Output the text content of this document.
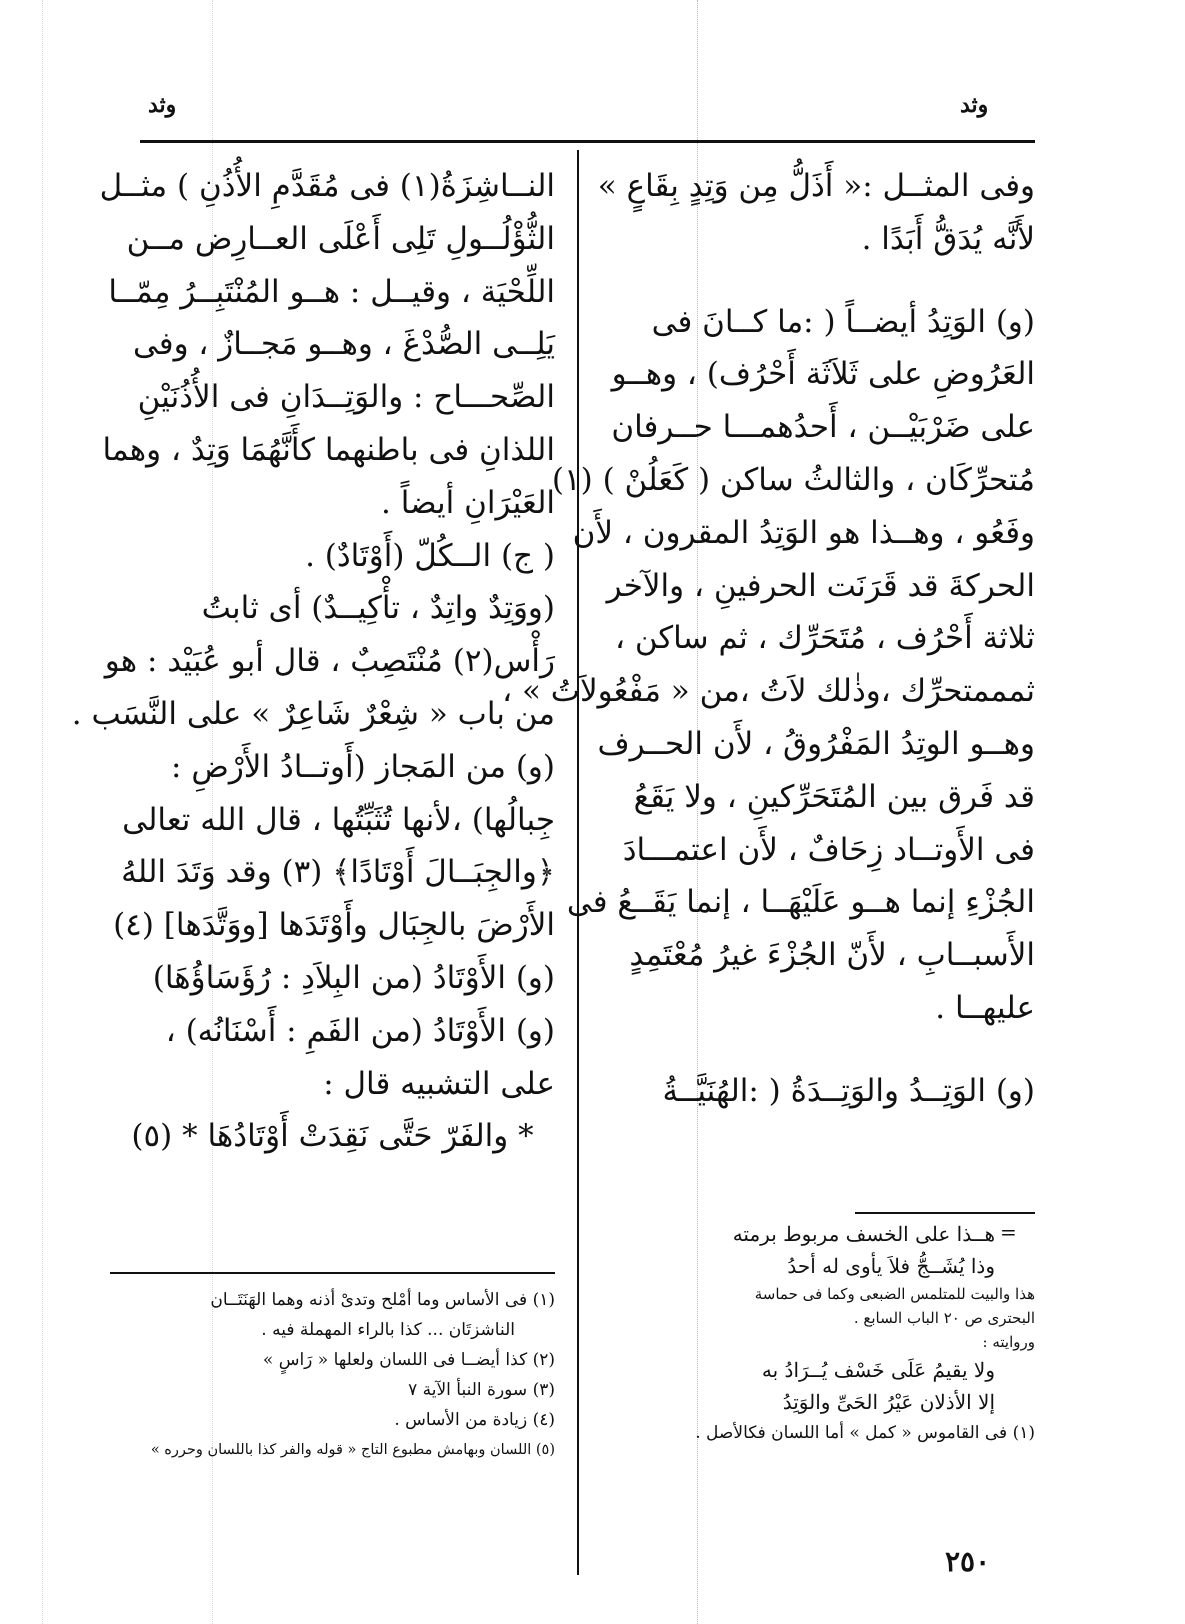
وثد
وثد
وفى المثــل :« أَذَلُّ مِن وَتِدٍ بِقَاعٍ »
لأَنَّه يُدَقُّ أَبَدًا .
(و) الوَتِدُ أيضــاً ( :ما كــانَ فى
العَرُوضِ على ثَلاَثَة أَحْرُف) ، وهــو
على ضَرْبَيْــن ، أَحدُهمـــا حــرفان
مُتحرِّكَان ، والثالثُ ساكن ( كَعَلُنْ ) (١)
وفَعُو ، وهــذا هو الوَتِدُ المقرون ، لأَن
الحركةَ قد قَرَنَت الحرفينِ ، والآخر
ثلاثة أَحْرُف ، مُتَحَرِّك ، ثم ساكن ،
ثمممتحرِّك ،وذٰلك لاَتُ ،من « مَفْعُولاَتُ » ،
وهــو الوتِدُ المَفْرُوقُ ، لأَن الحــرف
قد فَرق بين المُتَحَرِّكينِ ، ولا يَقَعُ
فى الأَوتــاد زِحَافٌ ، لأَن اعتمـــادَ
الجُزْءِ إنما هــو عَلَيْهَــا ، إنما يَقَــعُ فى
الأَسبــابِ ، لأَنّ الجُزْءَ غيرُ مُعْتَمِدٍ
عليهــا .
(و) الوَتِــدُ والوَتِــدَةُ ( :الهُنَيَّــةُ
النــاشِزَةُ(١) فى مُقَدَّمِ الأُذُنِ ) مثــل
الثُّؤْلُــولِ تَلِى أَعْلَى العــارِض مــن
اللِّحْيَة ، وقيــل : هــو المُنْتَبِــرُ مِمّــا
يَلِــى الصُّدْغَ ، وهــو مَجــازٌ ، وفى
الصِّحـــاح : والوَتِــدَانِ فى الأُذُنَيْنِ
اللذانِ فى باطنهما كأَنَّهُمَا وَتِدٌ ، وهما
العَيْرَانِ أيضاً .
( ج) الــكُلّ (أَوْتَادٌ) .
(ووَتِدٌ واتِدٌ ، تأْكِيــدٌ) أى ثابتُ
رَأْس(٢) مُنْتَصِبٌ ، قال أبو عُبَيْد : هو
من باب « شِعْرٌ شَاعِرٌ » على النَّسَب .
(و) من المَجاز (أَوتــادُ الأَرْضِ :
جِبالُها) ،لأنها تُثَبِّتُها ، قال الله تعالى
﴿والجِبَــالَ أَوْتَادًا﴾ (٣) وقد وَتَدَ اللهُ
الأَرْضَ بالجِبَال وأَوْتَدَها [ووَتَّدَها] (٤)
(و) الأَوْتَادُ (من البِلاَدِ : رُؤَسَاؤُهَا)
(و) الأَوْتَادُ (من الفَمِ : أَسْنَانُه) ،
على التشبيه قال :
* والفَرّ حَتَّى نَقِدَتْ أَوْتَادُهَا * (٥)
(١) فى الأساس وما أمْلح وتدىْ أذنه وهما الهَنَتَــان
الناشزتَان ... كذا بالراء المهملة فيه .
(٢) كذا أيضــا فى اللسان ولعلها « رَاسٍ »
(٣) سورة النبأ الآية ٧
(٤) زيادة من الأساس .
(٥) اللسان وبهامش مطبوع التاج « قوله والفر كذا باللسان وحرره »
=
هــذا على الخسف مربوط برمته
وذا يُشَــجُّ فلاَ يأوى له أحدُ
هذا والبيت للمتلمس الضبعى وكما فى حماسة
البحترى ص ٢٠ الباب السابع .
وروايته :
ولا يقيمُ عَلَى خَسْف يُــرَادُ به
إلا الأذلان عَيْرُ الحَىِّ والوَتِدُ
(١) فى القاموس « كمل » أما اللسان فكالأصل .
٢٥٠
